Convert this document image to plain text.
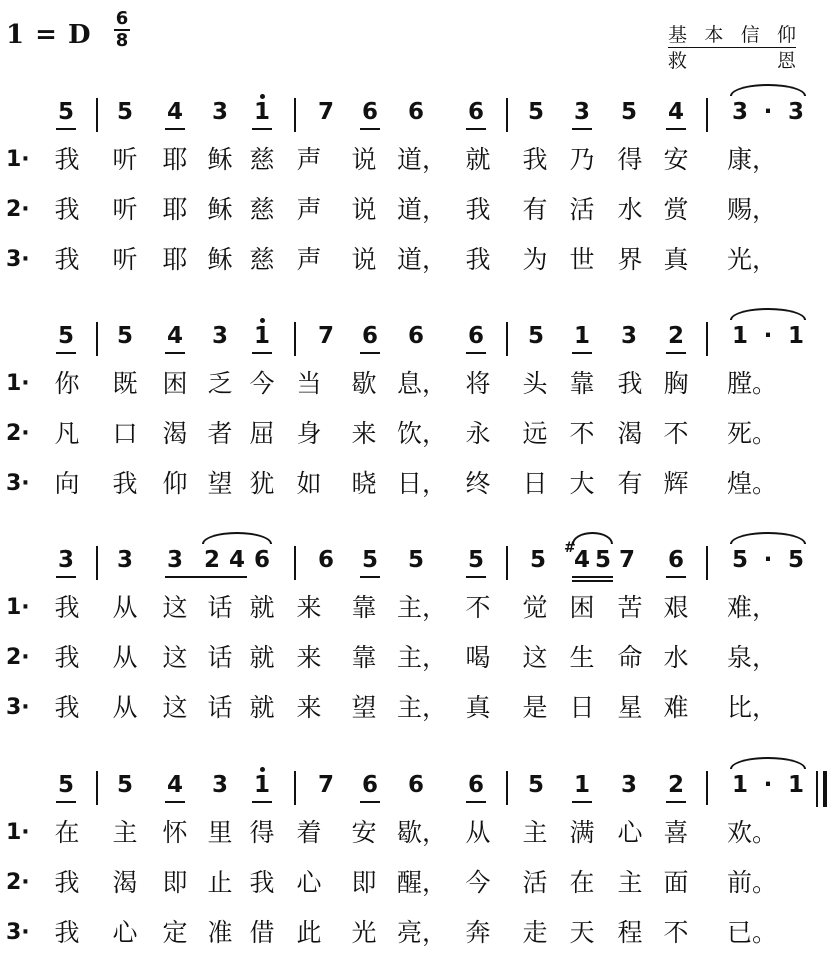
1 = D
6
8	基本信仰
救恩
5	5	4	3	1	7	6	6	6	5	3	5	4	3 · 3
1· 我 听 耶 稣 慈 声 说 道， 就 我 乃 得 安 康，
2· 我 听 耶 稣 慈 声 说 道， 我 有 活 水 赏 赐，
3· 我 听 耶 稣 慈 声 说 道， 我 为 世 界 真 光，
5	5	4	3	1	7	6	6	6	5	1	3	2	1 · 1
1· 你 既 困 乏 今 当 歇 息， 将 头 靠 我 胸 膛。
2· 凡 口 渴 者 屈 身 来 饮， 永 远 不 渴 不 死。
3· 向 我 仰 望 犹 如 晓 日， 终 日 大 有 辉 煌。
3	3	3 2 4 6	6	5	5	5	5	4 5 7	6	5 · 5
#
1· 我 从 这 话 就 来 靠 主， 不 觉 困 苦 艰 难，
2· 我 从 这 话 就 来 靠 主， 喝 这 生 命 水 泉，
3· 我 从 这 话 就 来 望 主， 真 是 日 星 难 比，
5	5	4	3	1	7	6	6	6	5	1	3	2	1 · 1
1· 在 主 怀 里 得 着 安 歇， 从 主 满 心 喜 欢。
2· 我 渴 即 止 我 心 即 醒， 今 活 在 主 面 前。
3· 我 心 定 准 借 此 光 亮， 奔 走 天 程 不 已。
